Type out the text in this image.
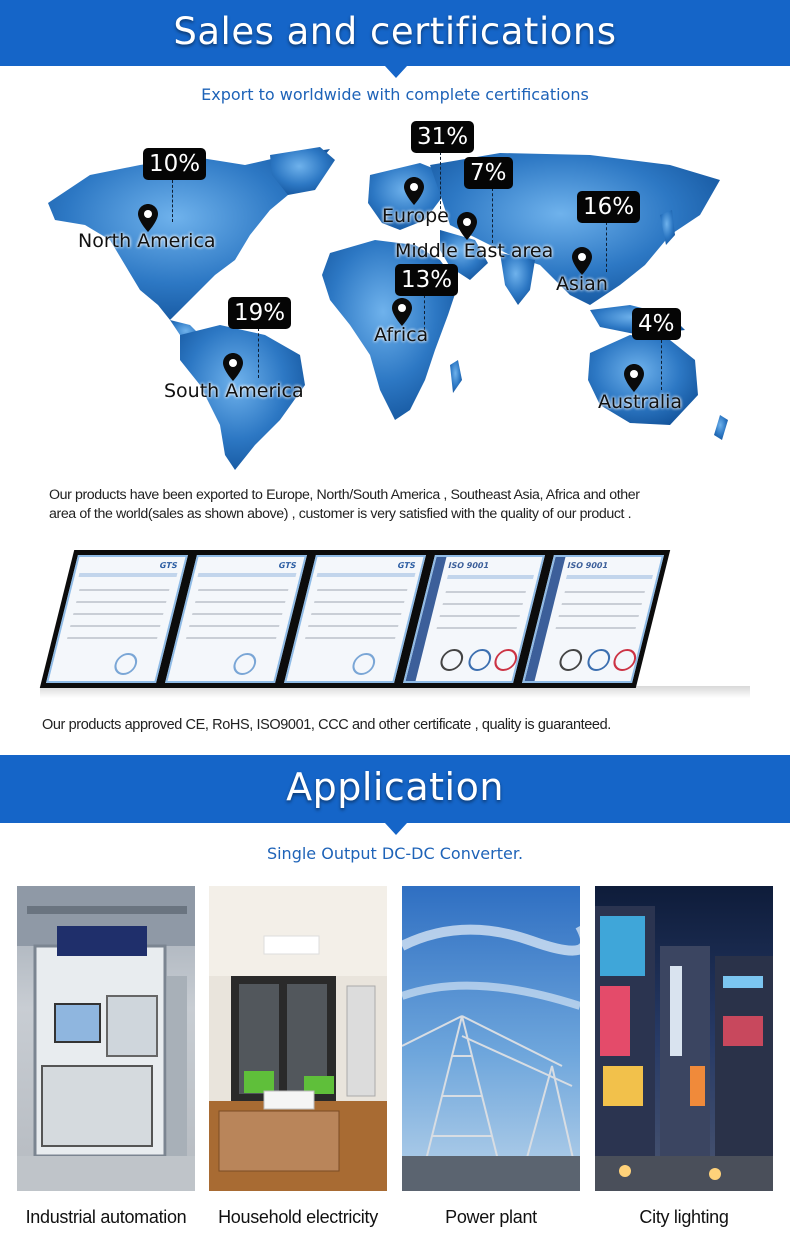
Sales and certifications
Export to worldwide with complete certifications
10%
31%
7%
16%
13%
19%	4%
North America
Europe
Middle East area
Asian
Africa
South America	Australia
Our products have been exported to Europe, North/South America , Southeast Asia, Africa and other
area of the world(sales as shown above) , customer is very satisfied with the quality of our product .
GTS	GTS	GTS	ISO 9001	ISO 9001
Our products approved CE, RoHS, ISO9001, CCC and other certificate , quality is guaranteed.
Application
Single Output DC-DC Converter.
Industrial automation	Household electricity	Power plant	City lighting
